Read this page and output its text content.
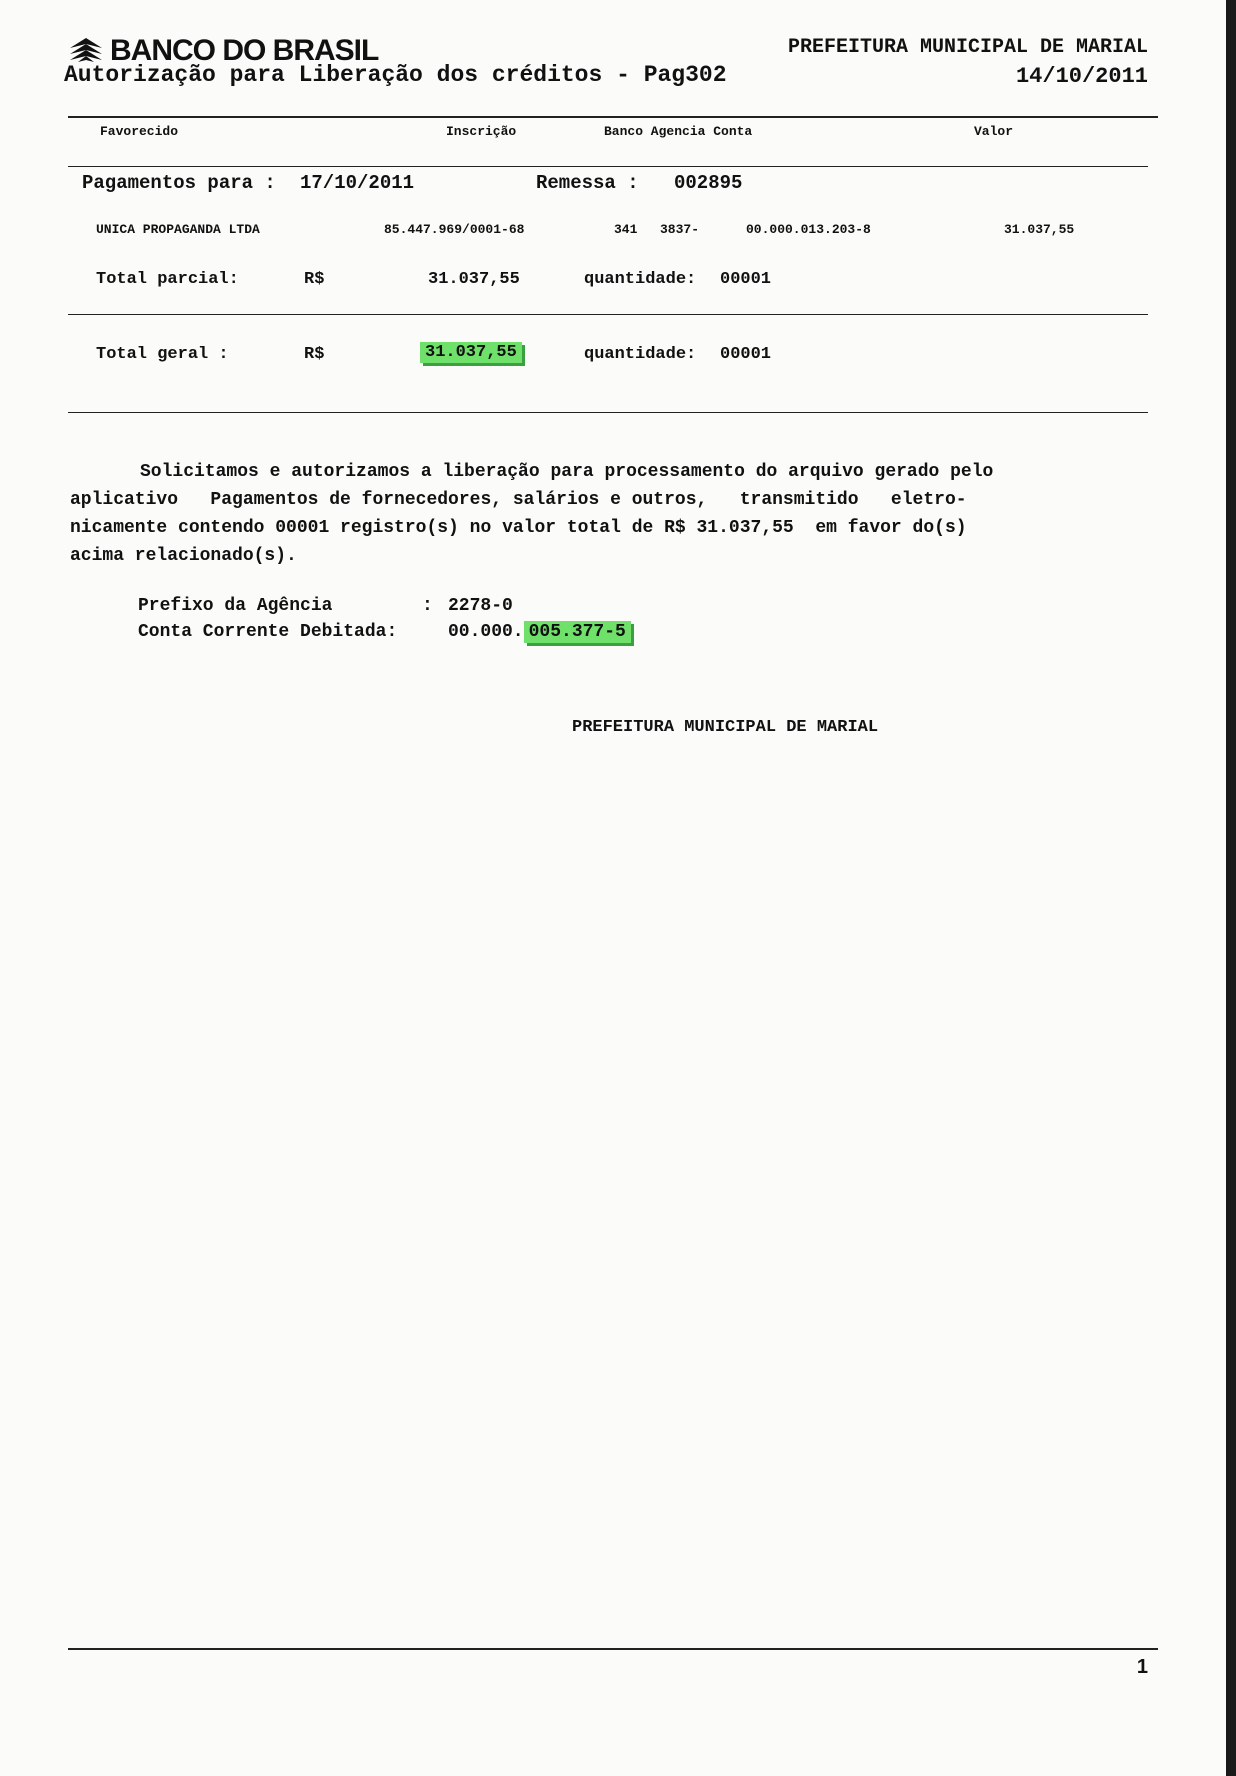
BANCO DO BRASIL
Autorização para Liberação dos créditos - Pag302
PREFEITURA MUNICIPAL DE MARIAL
14/10/2011
Favorecido	Inscrição	Banco Agencia Conta	Valor
Pagamentos para : 17/10/2011	Remessa : 002895
UNICA PROPAGANDA LTDA	85.447.969/0001-68	341 3837-	00.000.013.203-8	31.037,55
Total parcial:	R$	31.037,55	quantidade: 00001
Total geral :	R$	31.037,55	quantidade: 00001

Solicitamos e autorizamos a liberação para processamento do arquivo gerado pelo

aplicativo   Pagamentos de fornecedores, salários e outros,   transmitido   eletro-

nicamente contendo 00001 registro(s) no valor total de R$ 31.037,55  em favor do(s)

acima relacionado(s).

Prefixo da Agência	: 2278-0
Conta Corrente Debitada:	00.000. 005.377-5
PREFEITURA MUNICIPAL DE MARIAL
1
